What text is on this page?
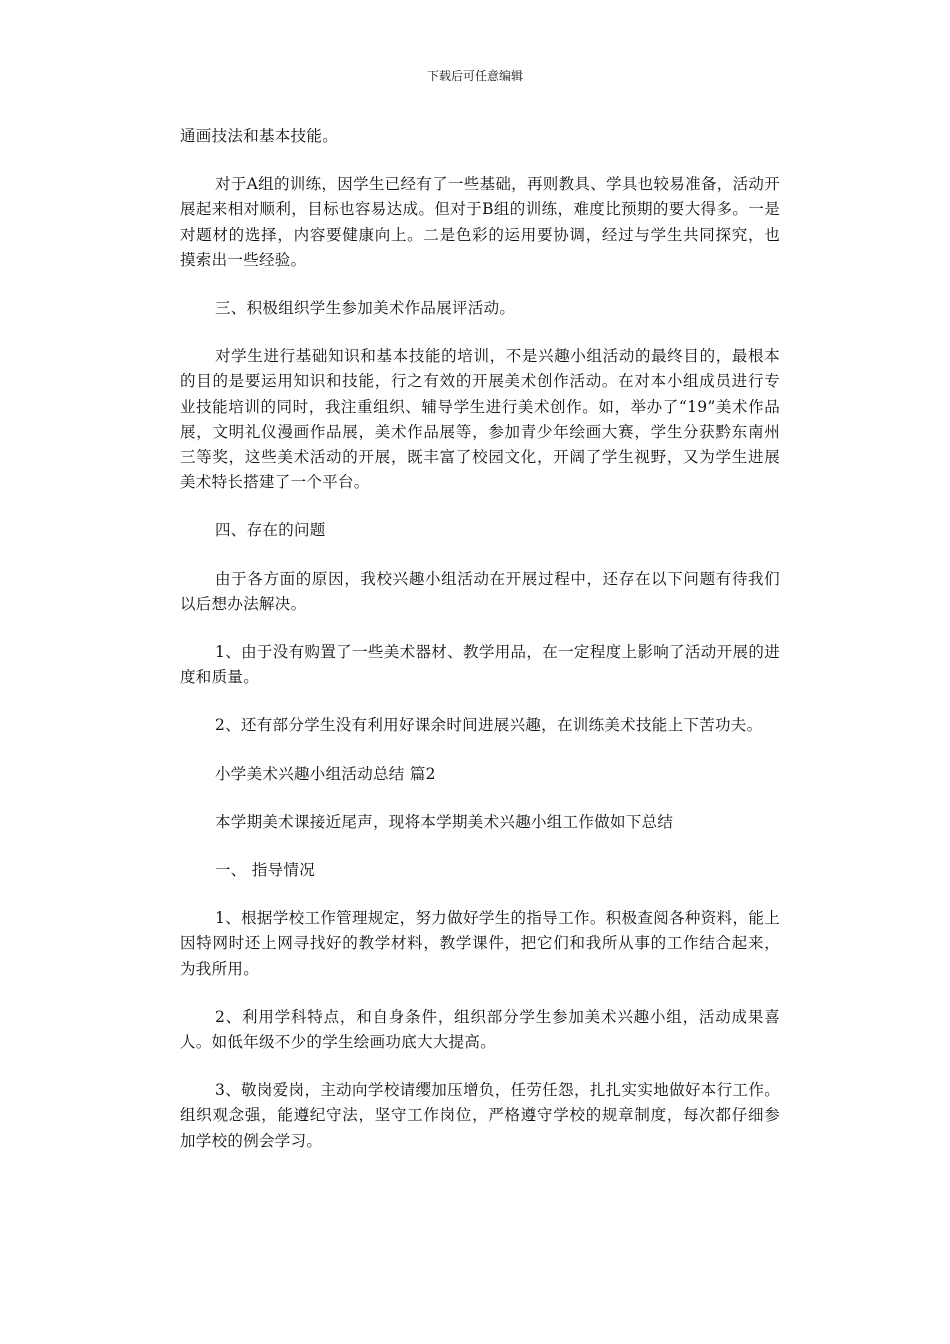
下载后可任意编辑

通画技法和基本技能。

对于A组的训练，因学生已经有了一些基础，再则教具、学具也较易准备，活动开展起来相对顺利，目标也容易达成。但对于B组的训练，难度比预期的要大得多。一是对题材的选择，内容要健康向上。二是色彩的运用要协调，经过与学生共同探究，也摸索出一些经验。

三、积极组织学生参加美术作品展评活动。

对学生进行基础知识和基本技能的培训，不是兴趣小组活动的最终目的，最根本的目的是要运用知识和技能，行之有效的开展美术创作活动。在对本小组成员进行专业技能培训的同时，我注重组织、辅导学生进行美术创作。如，举办了“19”美术作品展，文明礼仪漫画作品展，美术作品展等，参加青少年绘画大赛，学生分获黔东南州三等奖，这些美术活动的开展，既丰富了校园文化，开阔了学生视野，又为学生进展美术特长搭建了一个平台。

四、存在的问题

由于各方面的原因，我校兴趣小组活动在开展过程中，还存在以下问题有待我们以后想办法解决。

1、由于没有购置了一些美术器材、教学用品，在一定程度上影响了活动开展的进度和质量。

2、还有部分学生没有利用好课余时间进展兴趣，在训练美术技能上下苦功夫。

小学美术兴趣小组活动总结 篇2

本学期美术课接近尾声，现将本学期美术兴趣小组工作做如下总结

一、 指导情况

1、根据学校工作管理规定，努力做好学生的指导工作。积极查阅各种资料，能上因特网时还上网寻找好的教学材料，教学课件，把它们和我所从事的工作结合起来，为我所用。

2、利用学科特点，和自身条件，组织部分学生参加美术兴趣小组，活动成果喜人。如低年级不少的学生绘画功底大大提高。

3、敬岗爱岗，主动向学校请缨加压增负，任劳任怨，扎扎实实地做好本行工作。组织观念强，能遵纪守法，坚守工作岗位，严格遵守学校的规章制度，每次都仔细参加学校的例会学习。
